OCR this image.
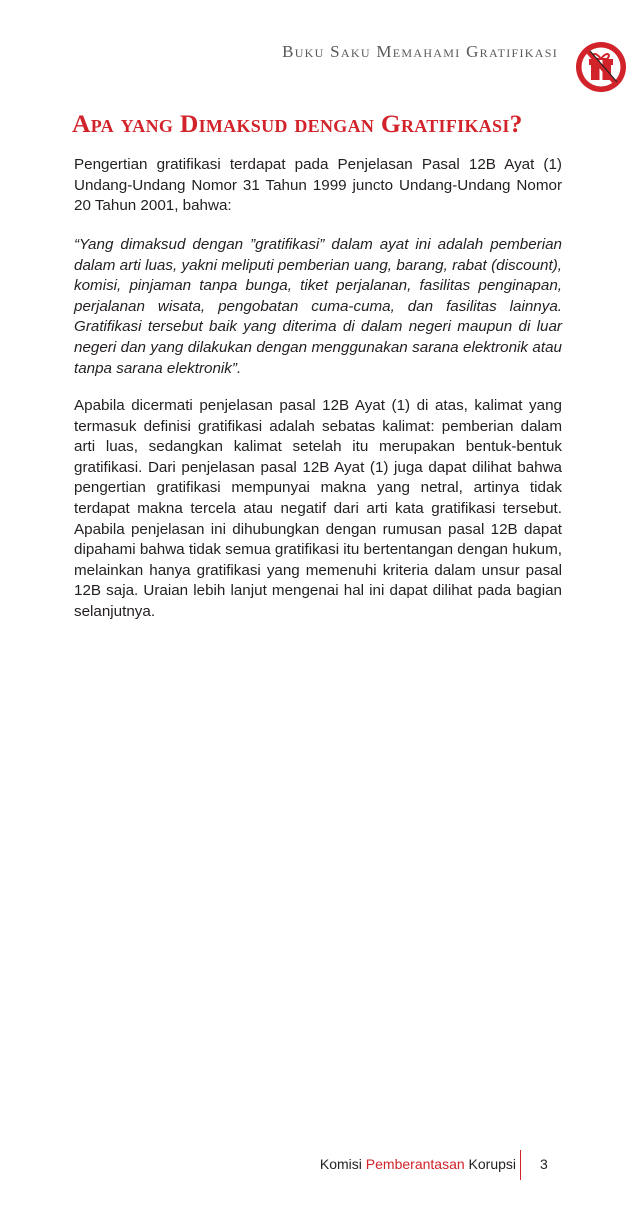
Buku Saku Memahami Gratifikasi
Apa yang Dimaksud dengan Gratifikasi?

Pengertian gratifikasi terdapat pada Penjelasan Pasal 12B Ayat (1) Undang-Undang Nomor 31 Tahun 1999 juncto Undang-Undang Nomor 20 Tahun 2001, bahwa:

“Yang dimaksud dengan ”gratifikasi” dalam ayat ini adalah pemberian dalam arti luas, yakni meliputi pemberian uang, barang, rabat (discount), komisi, pinjaman tanpa bunga, tiket perjalanan, fasilitas penginapan, perjalanan wisata, pengobatan cuma-cuma, dan fasilitas lainnya. Gratifikasi tersebut baik yang diterima di dalam negeri maupun di luar negeri dan yang dilakukan dengan menggunakan sarana elektronik atau tanpa sarana elektronik”.

Apabila dicermati penjelasan pasal 12B Ayat (1) di atas, kalimat yang termasuk definisi gratifikasi adalah sebatas kalimat: pemberian dalam arti luas, sedangkan kalimat setelah itu merupakan bentuk-bentuk gratifikasi. Dari penjelasan pasal 12B Ayat (1) juga dapat dilihat bahwa pengertian gratifikasi mempunyai makna yang netral, artinya tidak terdapat makna tercela atau negatif dari arti kata gratifikasi tersebut. Apabila penjelasan ini dihubungkan dengan rumusan pasal 12B dapat dipahami bahwa tidak semua gratifikasi itu bertentangan dengan hukum, melainkan hanya gratifikasi yang memenuhi kriteria dalam unsur pasal 12B saja. Uraian lebih lanjut mengenai hal ini dapat dilihat pada bagian selanjutnya.

Komisi Pemberantasan Korupsi 3
